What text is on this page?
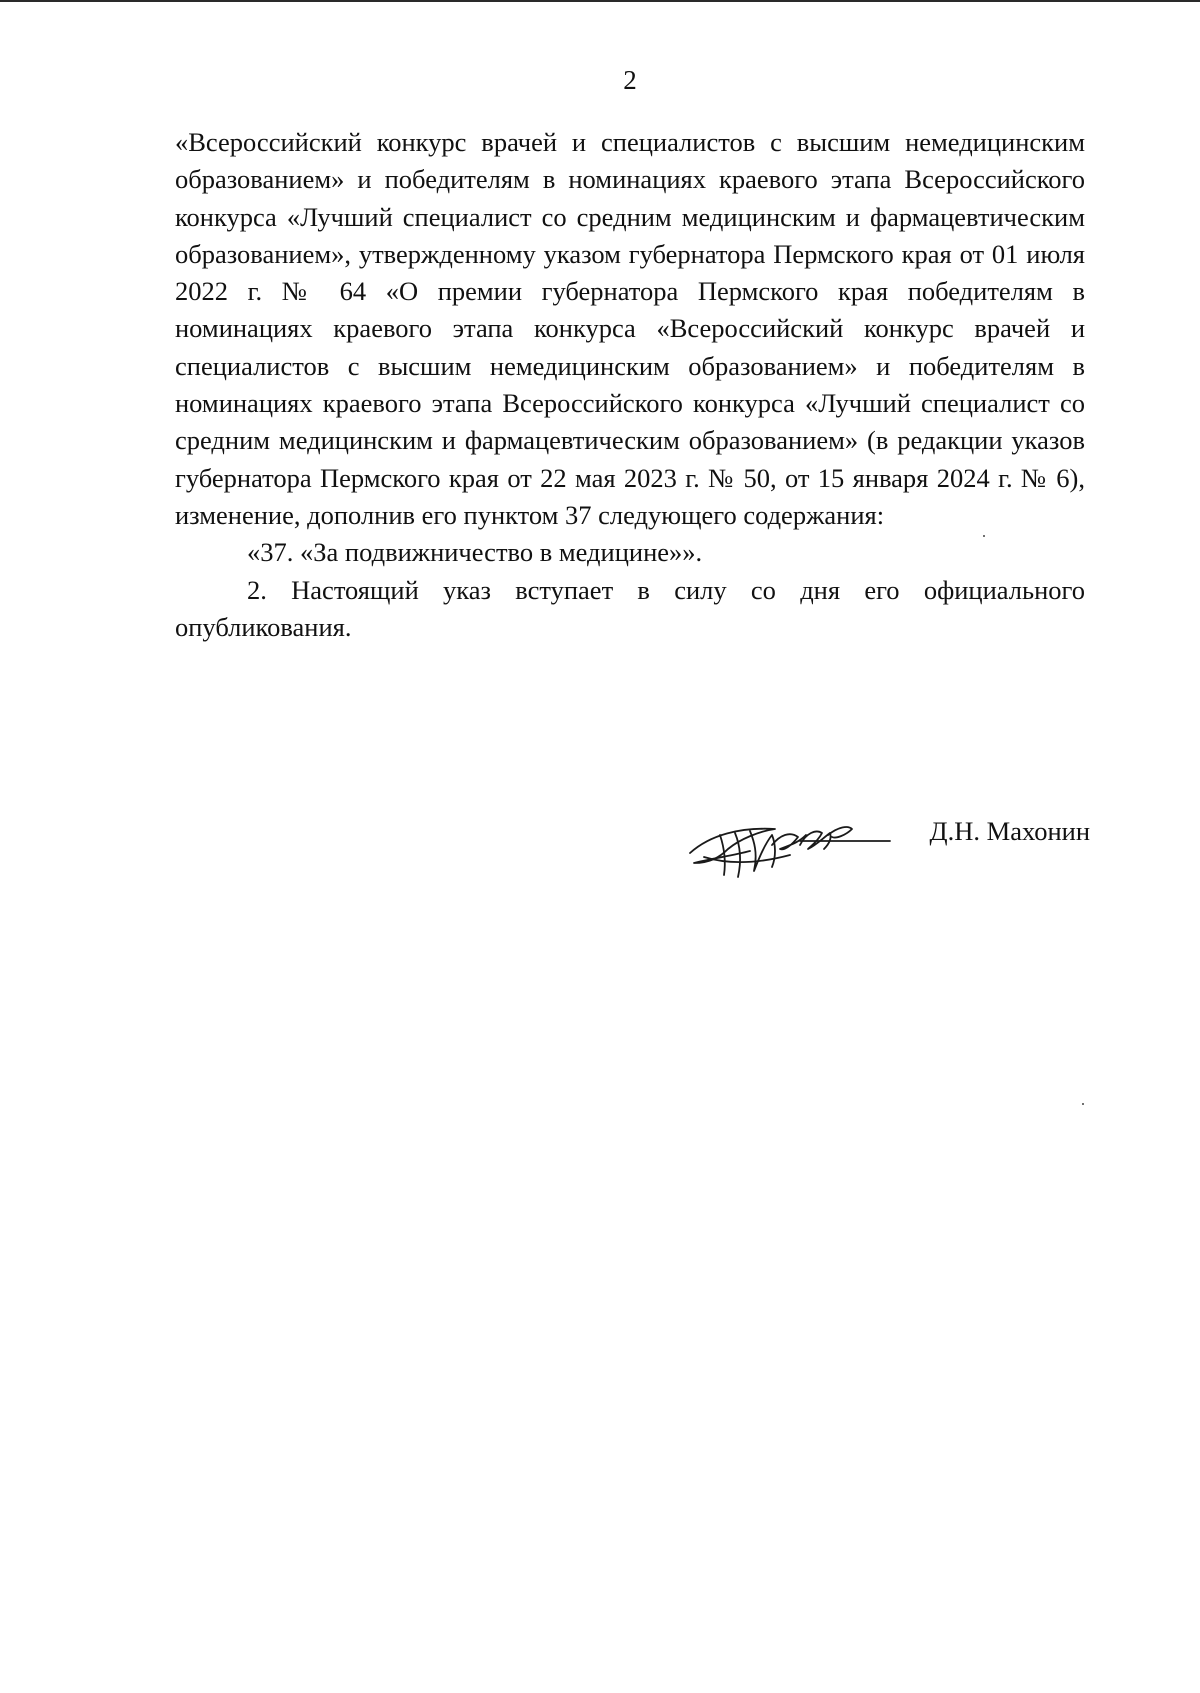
2

«Всероссийский конкурс врачей и специалистов с высшим немедицинским образованием» и победителям в номинациях краевого этапа Всероссийского конкурса «Лучший специалист со средним медицинским и фармацевтическим образованием», утвержденному указом губернатора Пермского края от 01 июля 2022 г. № 64 «О премии губернатора Пермского края победителям в номинациях краевого этапа конкурса «Всероссийский конкурс врачей и специалистов с высшим немедицинским образованием» и победителям в номинациях краевого этапа Всероссийского конкурса «Лучший специалист со средним медицинским и фармацевтическим образованием» (в редакции указов губернатора Пермского края от 22 мая 2023 г. № 50, от 15 января 2024 г. № 6), изменение, дополнив его пунктом 37 следующего содержания:

«37. «За подвижничество в медицине»».

2. Настоящий указ вступает в силу со дня его официального опубликования.

Д.Н. Махонин
